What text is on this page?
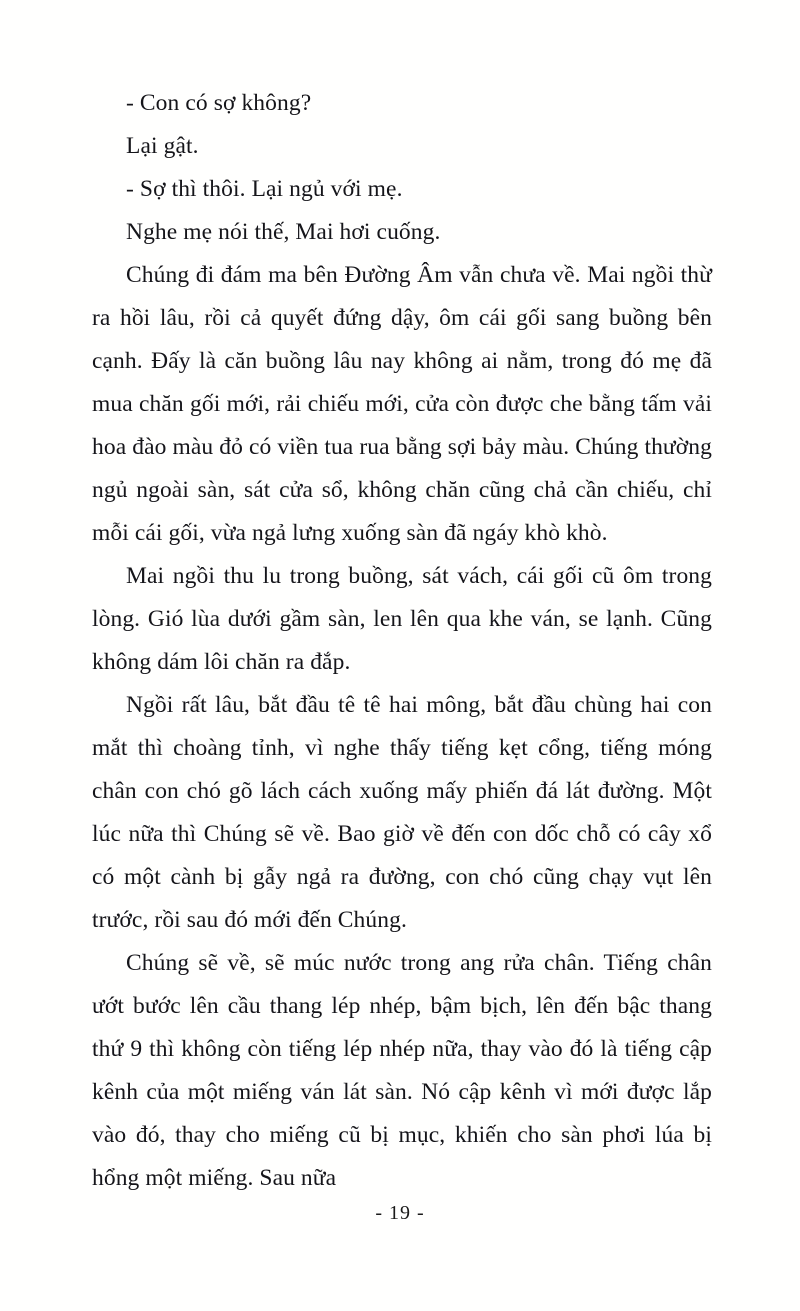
- Con có sợ không?

Lại gật.

- Sợ thì thôi. Lại ngủ với mẹ.

Nghe mẹ nói thế, Mai hơi cuống.

Chúng đi đám ma bên Đường Âm vẫn chưa về. Mai ngồi thừ ra hồi lâu, rồi cả quyết đứng dậy, ôm cái gối sang buồng bên cạnh. Đấy là căn buồng lâu nay không ai nằm, trong đó mẹ đã mua chăn gối mới, rải chiếu mới, cửa còn được che bằng tấm vải hoa đào màu đỏ có viền tua rua bằng sợi bảy màu. Chúng thường ngủ ngoài sàn, sát cửa sổ, không chăn cũng chả cần chiếu, chỉ mỗi cái gối, vừa ngả lưng xuống sàn đã ngáy khò khò.

Mai ngồi thu lu trong buồng, sát vách, cái gối cũ ôm trong lòng. Gió lùa dưới gầm sàn, len lên qua khe ván, se lạnh. Cũng không dám lôi chăn ra đắp.

Ngồi rất lâu, bắt đầu tê tê hai mông, bắt đầu chùng hai con mắt thì choàng tỉnh, vì nghe thấy tiếng kẹt cổng, tiếng móng chân con chó gõ lách cách xuống mấy phiến đá lát đường. Một lúc nữa thì Chúng sẽ về. Bao giờ về đến con dốc chỗ có cây xổ có một cành bị gẫy ngả ra đường, con chó cũng chạy vụt lên trước, rồi sau đó mới đến Chúng.

Chúng sẽ về, sẽ múc nước trong ang rửa chân. Tiếng chân ướt bước lên cầu thang lép nhép, bậm bịch, lên đến bậc thang thứ 9 thì không còn tiếng lép nhép nữa, thay vào đó là tiếng cập kênh của một miếng ván lát sàn. Nó cập kênh vì mới được lắp vào đó, thay cho miếng cũ bị mục, khiến cho sàn phơi lúa bị hổng một miếng. Sau nữa

- 19 -
